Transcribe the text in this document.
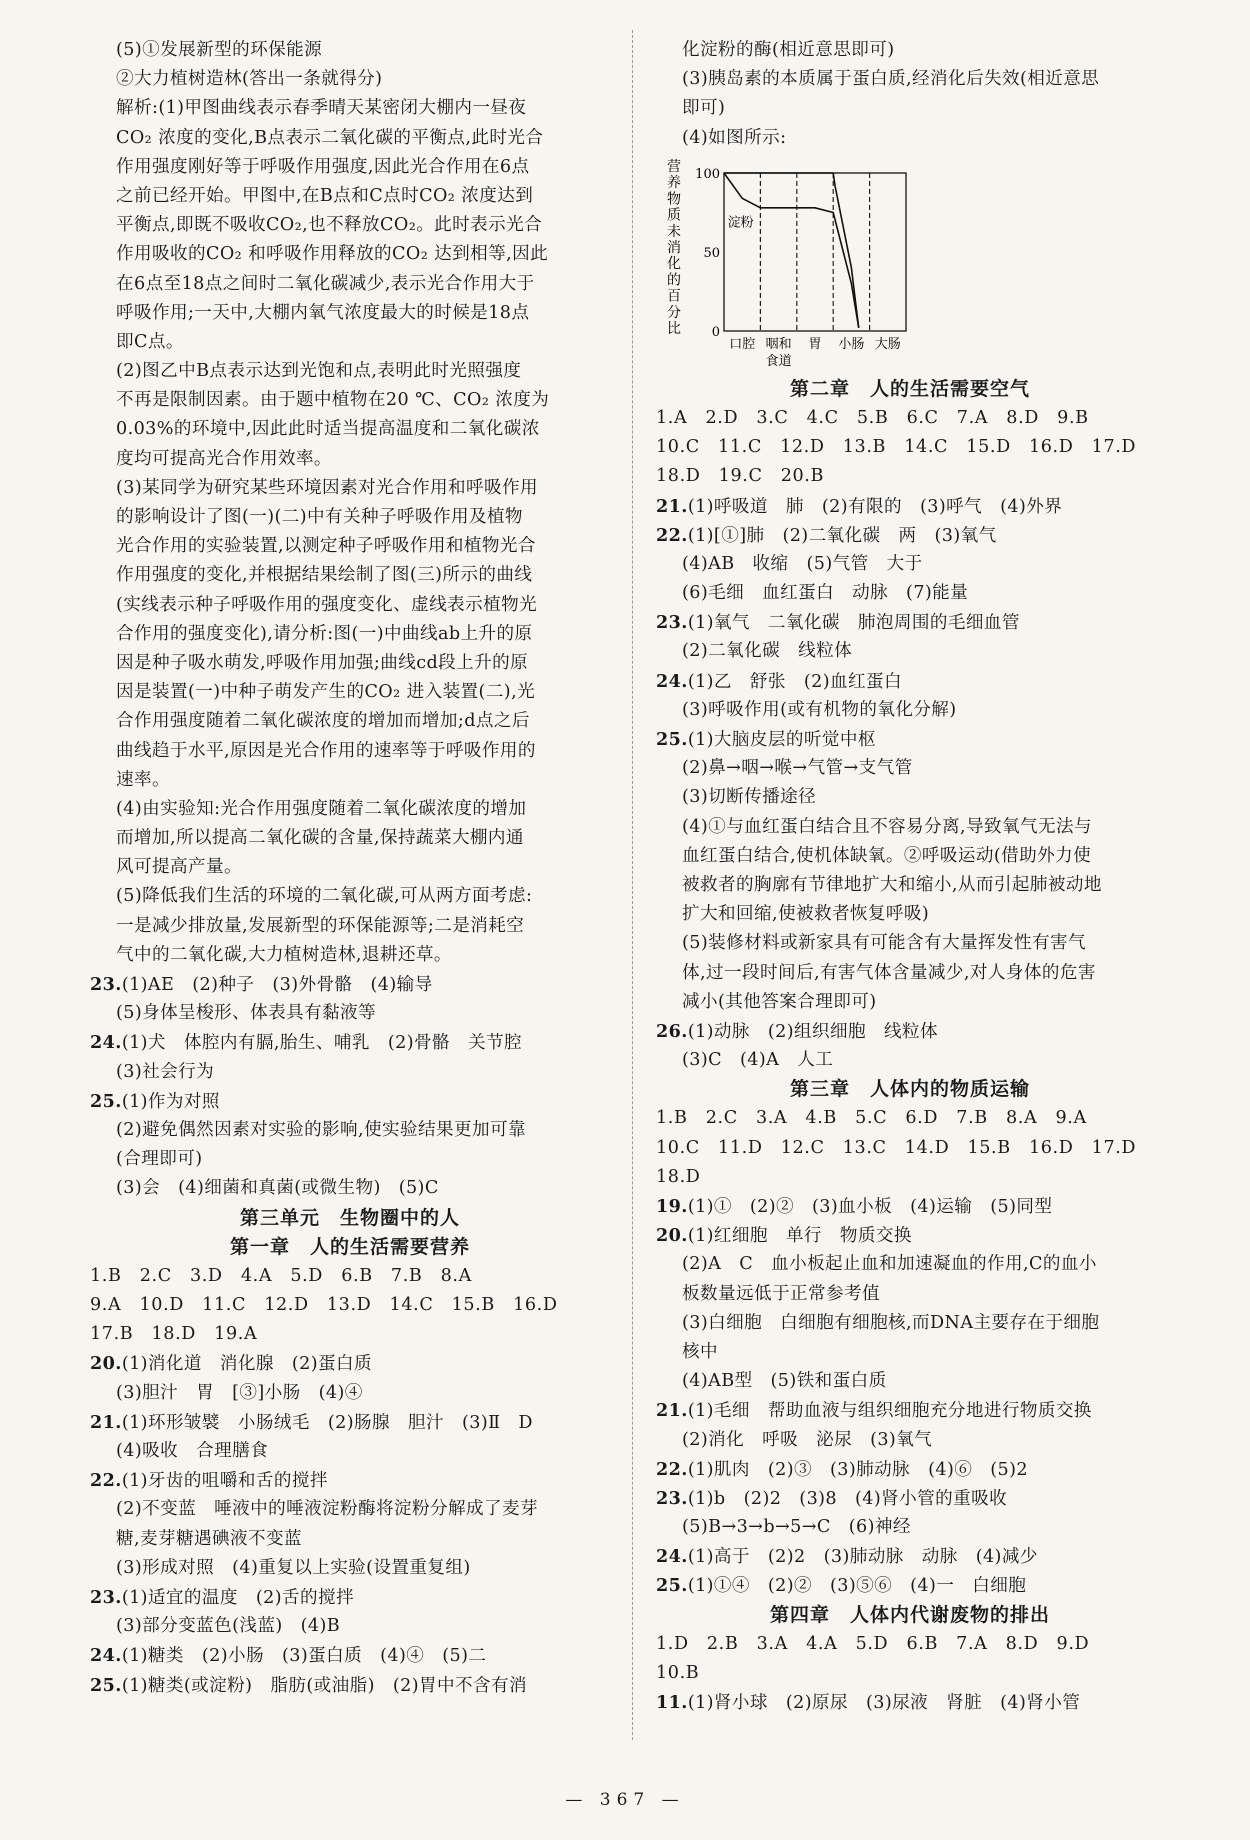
(5)①发展新型的环保能源
②大力植树造林(答出一条就得分)
解析:(1)甲图曲线表示春季晴天某密闭大棚内一昼夜
CO₂ 浓度的变化,B点表示二氧化碳的平衡点,此时光合
作用强度刚好等于呼吸作用强度,因此光合作用在6点
之前已经开始。甲图中,在B点和C点时CO₂ 浓度达到
平衡点,即既不吸收CO₂,也不释放CO₂。此时表示光合
作用吸收的CO₂ 和呼吸作用释放的CO₂ 达到相等,因此
在6点至18点之间时二氧化碳减少,表示光合作用大于
呼吸作用;一天中,大棚内氧气浓度最大的时候是18点
即C点。
(2)图乙中B点表示达到光饱和点,表明此时光照强度
不再是限制因素。由于题中植物在20 ℃、CO₂ 浓度为
0.03%的环境中,因此此时适当提高温度和二氧化碳浓
度均可提高光合作用效率。
(3)某同学为研究某些环境因素对光合作用和呼吸作用
的影响设计了图(一)(二)中有关种子呼吸作用及植物
光合作用的实验装置,以测定种子呼吸作用和植物光合
作用强度的变化,并根据结果绘制了图(三)所示的曲线
(实线表示种子呼吸作用的强度变化、虚线表示植物光
合作用的强度变化),请分析:图(一)中曲线ab上升的原
因是种子吸水萌发,呼吸作用加强;曲线cd段上升的原
因是装置(一)中种子萌发产生的CO₂ 进入装置(二),光
合作用强度随着二氧化碳浓度的增加而增加;d点之后
曲线趋于水平,原因是光合作用的速率等于呼吸作用的
速率。
(4)由实验知:光合作用强度随着二氧化碳浓度的增加
而增加,所以提高二氧化碳的含量,保持蔬菜大棚内通
风可提高产量。
(5)降低我们生活的环境的二氧化碳,可从两方面考虑:
一是减少排放量,发展新型的环保能源等;二是消耗空
气中的二氧化碳,大力植树造林,退耕还草。
23.(1)AE　(2)种子　(3)外骨骼　(4)输导
(5)身体呈梭形、体表具有黏液等
24.(1)犬　体腔内有膈,胎生、哺乳　(2)骨骼　关节腔
(3)社会行为
25.(1)作为对照
(2)避免偶然因素对实验的影响,使实验结果更加可靠
(合理即可)
(3)会　(4)细菌和真菌(或微生物)　(5)C
第三单元　生物圈中的人
第一章　人的生活需要营养
1.B　2.C　3.D　4.A　5.D　6.B　7.B　8.A
9.A　10.D　11.C　12.D　13.D　14.C　15.B　16.D
17.B　18.D　19.A
20.(1)消化道　消化腺　(2)蛋白质
(3)胆汁　胃　[③]小肠　(4)④
21.(1)环形皱襞　小肠绒毛　(2)肠腺　胆汁　(3)Ⅱ　D
(4)吸收　合理膳食
22.(1)牙齿的咀嚼和舌的搅拌
(2)不变蓝　唾液中的唾液淀粉酶将淀粉分解成了麦芽
糖,麦芽糖遇碘液不变蓝
(3)形成对照　(4)重复以上实验(设置重复组)
23.(1)适宜的温度　(2)舌的搅拌
(3)部分变蓝色(浅蓝)　(4)B
24.(1)糖类　(2)小肠　(3)蛋白质　(4)④　(5)二
25.(1)糖类(或淀粉)　脂肪(或油脂)　(2)胃中不含有消
化淀粉的酶(相近意思即可)
(3)胰岛素的本质属于蛋白质,经消化后失效(相近意思
即可)
(4)如图所示:
营
养
物
质
未
消
化
的
百
分
比
100
50
0
口腔 咽和
食道
胃 小肠 大肠
淀粉
第二章　人的生活需要空气
1.A　2.D　3.C　4.C　5.B　6.C　7.A　8.D　9.B
10.C　11.C　12.D　13.B　14.C　15.D　16.D　17.D
18.D　19.C　20.B
21.(1)呼吸道　肺　(2)有限的　(3)呼气　(4)外界
22.(1)[①]肺　(2)二氧化碳　两　(3)氧气
(4)AB　收缩　(5)气管　大于
(6)毛细　血红蛋白　动脉　(7)能量
23.(1)氧气　二氧化碳　肺泡周围的毛细血管
(2)二氧化碳　线粒体
24.(1)乙　舒张　(2)血红蛋白
(3)呼吸作用(或有机物的氧化分解)
25.(1)大脑皮层的听觉中枢
(2)鼻→咽→喉→气管→支气管
(3)切断传播途径
(4)①与血红蛋白结合且不容易分离,导致氧气无法与
血红蛋白结合,使机体缺氧。②呼吸运动(借助外力使
被救者的胸廓有节律地扩大和缩小,从而引起肺被动地
扩大和回缩,使被救者恢复呼吸)
(5)装修材料或新家具有可能含有大量挥发性有害气
体,过一段时间后,有害气体含量减少,对人身体的危害
减小(其他答案合理即可)
26.(1)动脉　(2)组织细胞　线粒体
(3)C　(4)A　人工
第三章　人体内的物质运输
1.B　2.C　3.A　4.B　5.C　6.D　7.B　8.A　9.A
10.C　11.D　12.C　13.C　14.D　15.B　16.D　17.D
18.D
19.(1)①　(2)②　(3)血小板　(4)运输　(5)同型
20.(1)红细胞　单行　物质交换
(2)A　C　血小板起止血和加速凝血的作用,C的血小
板数量远低于正常参考值
(3)白细胞　白细胞有细胞核,而DNA主要存在于细胞
核中
(4)AB型　(5)铁和蛋白质
21.(1)毛细　帮助血液与组织细胞充分地进行物质交换
(2)消化　呼吸　泌尿　(3)氧气
22.(1)肌肉　(2)③　(3)肺动脉　(4)⑥　(5)2
23.(1)b　(2)2　(3)8　(4)肾小管的重吸收
(5)B→3→b→5→C　(6)神经
24.(1)高于　(2)2　(3)肺动脉　动脉　(4)减少
25.(1)①④　(2)②　(3)⑤⑥　(4)一　白细胞
第四章　人体内代谢废物的排出
1.D　2.B　3.A　4.A　5.D　6.B　7.A　8.D　9.D
10.B
11.(1)肾小球　(2)原尿　(3)尿液　肾脏　(4)肾小管
— 367 —
